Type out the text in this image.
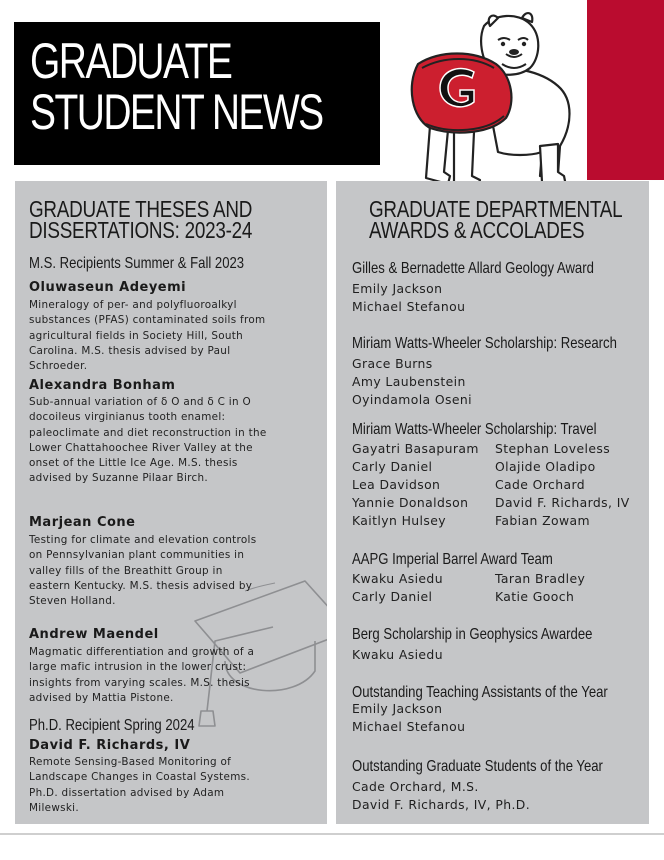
GRADUATE
STUDENT NEWS
GRADUATE THESES AND
DISSERTATIONS: 2023-24
M.S. Recipients Summer & Fall 2023
Oluwaseun Adeyemi
Mineralogy of per- and polyfluoroalkyl substances (PFAS) contaminated soils from agricultural fields in Society Hill, South Carolina. M.S. thesis advised by Paul Schroeder.
Alexandra Bonham
Sub-annual variation of δ O and δ C in O docoileus virginianus tooth enamel: paleoclimate and diet reconstruction in the Lower Chattahoochee River Valley at the onset of the Little Ice Age. M.S. thesis advised by Suzanne Pilaar Birch.
Marjean Cone
Testing for climate and elevation controls on Pennsylvanian plant communities in valley fills of the Breathitt Group in eastern Kentucky. M.S. thesis advised by Steven Holland.
Andrew Maendel
Magmatic differentiation and growth of a large mafic intrusion in the lower crust: insights from varying scales. M.S. thesis advised by Mattia Pistone.
Ph.D. Recipient Spring 2024
David F. Richards, IV
Remote Sensing-Based Monitoring of Landscape Changes in Coastal Systems. Ph.D. dissertation advised by Adam Milewski.
GRADUATE DEPARTMENTAL
AWARDS & ACCOLADES
Gilles & Bernadette Allard Geology Award
Emily Jackson
Michael Stefanou
Miriam Watts-Wheeler Scholarship: Research
Grace Burns
Amy Laubenstein
Oyindamola Oseni
Miriam Watts-Wheeler Scholarship: Travel
Gayatri Basapuram
Carly Daniel
Lea Davidson
Yannie Donaldson
Kaitlyn Hulsey
Stephan Loveless
Olajide Oladipo
Cade Orchard
David F. Richards, IV
Fabian Zowam
AAPG Imperial Barrel Award Team
Kwaku Asiedu
Carly Daniel
Taran Bradley
Katie Gooch
Berg Scholarship in Geophysics Awardee
Kwaku Asiedu
Outstanding Teaching Assistants of the Year
Emily Jackson
Michael Stefanou
Outstanding Graduate Students of the Year
Cade Orchard, M.S.
David F. Richards, IV, Ph.D.
